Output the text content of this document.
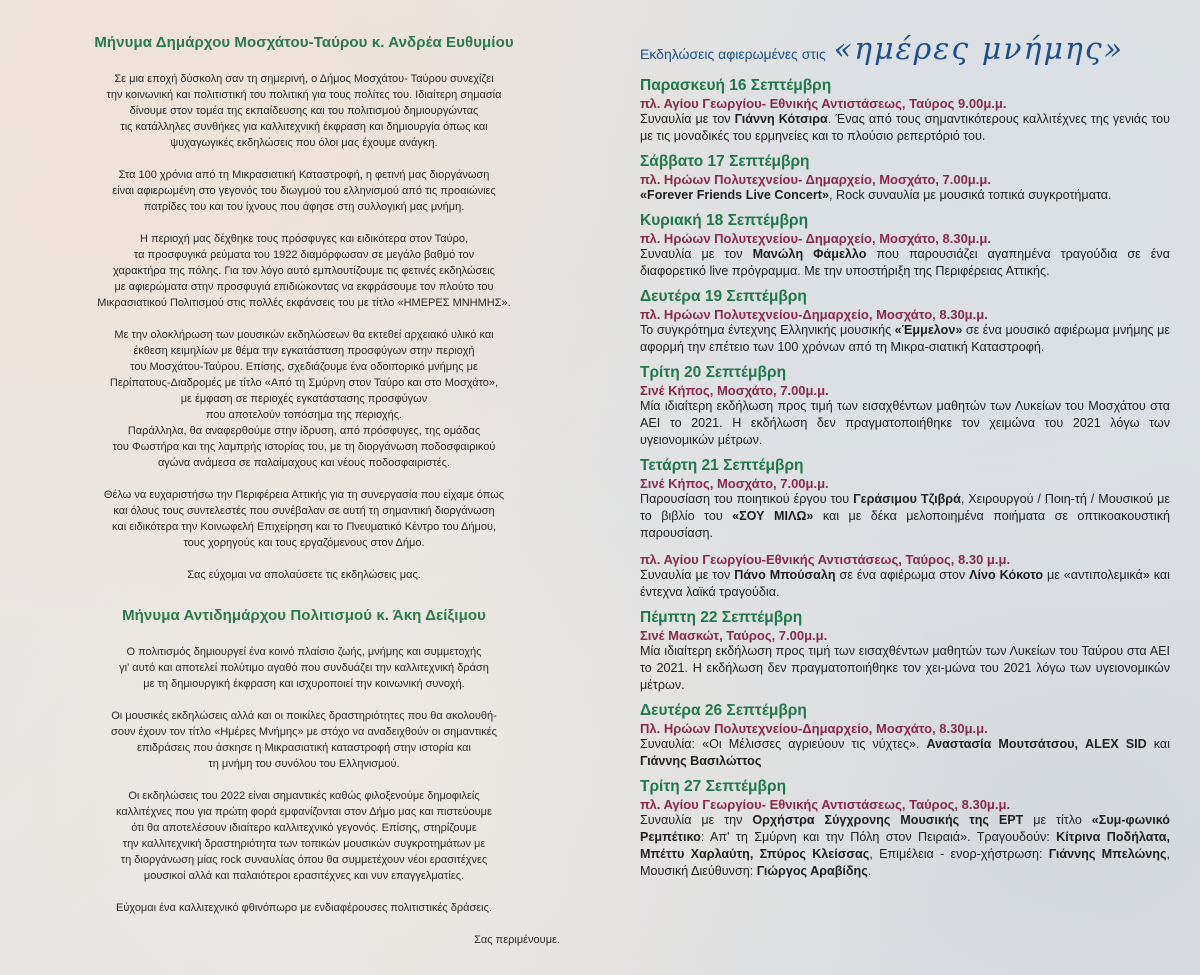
Μήνυμα Δημάρχου Μοσχάτου-Ταύρου κ. Ανδρέα Ευθυμίου

Σε μια εποχή δύσκολη σαν τη σημερινή, ο Δήμος Μοσχάτου- Ταύρου συνεχίζει
την κοινωνική και πολιτιστική του πολιτική για τους πολίτες του. Ιδιαίτερη σημασία
δίνουμε στον τομέα της εκπαίδευσης και του πολιτισμού δημιουργώντας
τις κατάλληλες συνθήκες για καλλιτεχνική έκφραση και δημιουργία όπως και
ψυχαγωγικές εκδηλώσεις που όλοι μας έχουμε ανάγκη.

Στα 100 χρόνια από τη Μικρασιατική Καταστροφή, η φετινή μας διοργάνωση
είναι αφιερωμένη στο γεγονός του διωγμού του ελληνισμού από τις προαιώνιες
πατρίδες του και του ίχνους που άφησε στη συλλογική μας μνήμη.

Η περιοχή μας δέχθηκε τους πρόσφυγες και ειδικότερα στον Ταύρο,
τα προσφυγικά ρεύματα του 1922 διαμόρφωσαν σε μεγάλο βαθμό τον
χαρακτήρα της πόλης. Για τον λόγο αυτό εμπλουτίζουμε τις φετινές εκδηλώσεις
με αφιερώματα στην προσφυγιά επιδιώκοντας να εκφράσουμε τον πλούτο του
Μικρασιατικού Πολιτισμού στις πολλές εκφάνσεις του με τίτλο «ΗΜΕΡΕΣ ΜΝΗΜΗΣ».

Με την ολοκλήρωση των μουσικών εκδηλώσεων θα εκτεθεί αρχειακό υλικό και
έκθεση κειμηλίων με θέμα την εγκατάσταση προσφύγων στην περιοχή
του Μοσχάτου-Ταύρου. Επίσης, σχεδιάζουμε ένα οδοιπορικό μνήμης με
Περίπατους-Διαδρομές με τίτλο «Από τη Σμύρνη στον Ταύρο και στο Μοσχάτο»,
με έμφαση σε περιοχές εγκατάστασης προσφύγων
που αποτελούν τοπόσημα της περιοχής.
Παράλληλα, θα αναφερθούμε στην ίδρυση, από πρόσφυγες, της ομάδας
του Φωστήρα και της λαμπρής ιστορίας του, με τη διοργάνωση ποδοσφαιρικού
αγώνα ανάμεσα σε παλαίμαχους και νέους ποδοσφαιριστές.

Θέλω να ευχαριστήσω την Περιφέρεια Αττικής για τη συνεργασία που είχαμε όπως
και όλους τους συντελεστές που συνέβαλαν σε αυτή τη σημαντική διοργάνωση
και ειδικότερα την Κοινωφελή Επιχείρηση και το Πνευματικό Κέντρο του Δήμου,
τους χορηγούς και τους εργαζόμενους στον Δήμο.

Σας εύχομαι να απολαύσετε τις εκδηλώσεις μας.

Μήνυμα Αντιδημάρχου Πολιτισμού κ. Άκη Δείξιμου

Ο πολιτισμός δημιουργεί ένα κοινό πλαίσιο ζωής, μνήμης και συμμετοχής
γι' αυτό και αποτελεί πολύτιμο αγαθό που συνδυάζει την καλλιτεχνική δράση
με τη δημιουργική έκφραση και ισχυροποιεί την κοινωνική συνοχή.

Οι μουσικές εκδηλώσεις αλλά και οι ποικίλες δραστηριότητες που θα ακολουθή-
σουν έχουν τον τίτλο «Ημέρες Μνήμης» με στόχο να αναδειχθούν οι σημαντικές
επιδράσεις που άσκησε η Μικρασιατική καταστροφή στην ιστορία και
τη μνήμη του συνόλου του Ελληνισμού.

Οι εκδηλώσεις του 2022 είναι σημαντικές καθώς φιλοξενούμε δημοφιλείς
καλλιτέχνες που για πρώτη φορά εμφανίζονται στον Δήμο μας και πιστεύουμε
ότι θα αποτελέσουν ιδιαίτερο καλλιτεχνικό γεγονός. Επίσης, στηρίζουμε
την καλλιτεχνική δραστηριότητα των τοπικών μουσικών συγκροτημάτων με
τη διοργάνωση μίας rock συναυλίας όπου θα συμμετέχουν νέοι ερασιτέχνες
μουσικοί αλλά και παλαιότεροι ερασιτέχνες και νυν επαγγελματίες.

Εύχομαι ένα καλλιτεχνικό φθινόπωρο με ενδιαφέρουσες πολιτιστικές δράσεις.

Σας περιμένουμε.

Εκδηλώσεις αφιερωμένες στις «ημέρες μνήμης»
Παρασκευή 16 Σεπτέμβρη
πλ. Αγίου Γεωργίου- Εθνικής Αντιστάσεως, Ταύρος 9.00μ.μ.

Συναυλία με τον Γιάννη Κότσιρα. Ένας από τους σημαντικότερους καλλιτέχνες της γενιάς του με τις μοναδικές του ερμηνείες και το πλούσιο ρεπερτόριό του.

Σάββατο 17 Σεπτέμβρη
πλ. Ηρώων Πολυτεχνείου- Δημαρχείο, Μοσχάτο, 7.00μ.μ.

«Forever Friends Live Concert», Rock συναυλία με μουσικά τοπικά συγκροτήματα.

Κυριακή 18 Σεπτέμβρη
πλ. Ηρώων Πολυτεχνείου- Δημαρχείο, Μοσχάτο, 8.30μ.μ.

Συναυλία με τον Μανώλη Φάμελλο που παρουσιάζει αγαπημένα τραγούδια σε ένα διαφορετικό live πρόγραμμα. Με την υποστήριξη της Περιφέρειας Αττικής.

Δευτέρα 19 Σεπτέμβρη
πλ. Ηρώων Πολυτεχνείου-Δημαρχείο, Μοσχάτο, 8.30μ.μ.

Το συγκρότημα έντεχνης Ελληνικής μουσικής «Έμμελον» σε ένα μουσικό αφιέρωμα μνήμης με αφορμή την επέτειο των 100 χρόνων από τη Μικρα-σιατική Καταστροφή.

Τρίτη 20 Σεπτέμβρη
Σινέ Κήπος, Μοσχάτο, 7.00μ.μ.

Μία ιδιαίτερη εκδήλωση προς τιμή των εισαχθέντων μαθητών των Λυκείων του Μοσχάτου στα ΑΕΙ το 2021. Η εκδήλωση δεν πραγματοποιήθηκε τον χειμώνα του 2021 λόγω των υγειονομικών μέτρων.

Τετάρτη 21 Σεπτέμβρη
Σινέ Κήπος, Μοσχάτο, 7.00μ.μ.

Παρουσίαση του ποιητικού έργου του Γεράσιμου Τζιβρά, Χειρουργού / Ποιη-τή / Μουσικού με το βιβλίο του «ΣΟΥ ΜΙΛΩ» και με δέκα μελοποιημένα ποιήματα σε οπτικοακουστική παρουσίαση.

πλ. Αγίου Γεωργίου-Εθνικής Αντιστάσεως, Ταύρος, 8.30 μ.μ.

Συναυλία με τον Πάνο Μπούσαλη σε ένα αφιέρωμα στον Λίνο Κόκοτο με «αντιπολεμικά» και έντεχνα λαϊκά τραγούδια.

Πέμπτη 22 Σεπτέμβρη
Σινέ Μασκώτ, Ταύρος, 7.00μ.μ.

Μία ιδιαίτερη εκδήλωση προς τιμή των εισαχθέντων μαθητών των Λυκείων του Ταύρου στα ΑΕΙ το 2021. Η εκδήλωση δεν πραγματοποιήθηκε τον χει-μώνα του 2021 λόγω των υγειονομικών μέτρων.

Δευτέρα 26 Σεπτέμβρη
Πλ. Ηρώων Πολυτεχνείου-Δημαρχείο, Μοσχάτο, 8.30μ.μ.

Συναυλία: «Οι Μέλισσες αγριεύουν τις νύχτες». Αναστασία Μουτσάτσου, ALEX SID και Γιάννης Βασιλώττος

Τρίτη 27 Σεπτέμβρη
πλ. Αγίου Γεωργίου- Εθνικής Αντιστάσεως, Ταύρος, 8.30μ.μ.

Συναυλία με την Ορχήστρα Σύγχρονης Μουσικής της ΕΡΤ με τίτλο «Συμ-φωνικό Ρεμπέτικο: Απ' τη Σμύρνη και την Πόλη στον Πειραιά». Τραγουδούν: Κίτρινα Ποδήλατα, Μπέττυ Χαρλαύτη, Σπύρος Κλείσσας, Επιμέλεια - ενορ-χήστρωση: Γιάννης Μπελώνης, Μουσική Διεύθυνση: Γιώργος Αραβίδης.
